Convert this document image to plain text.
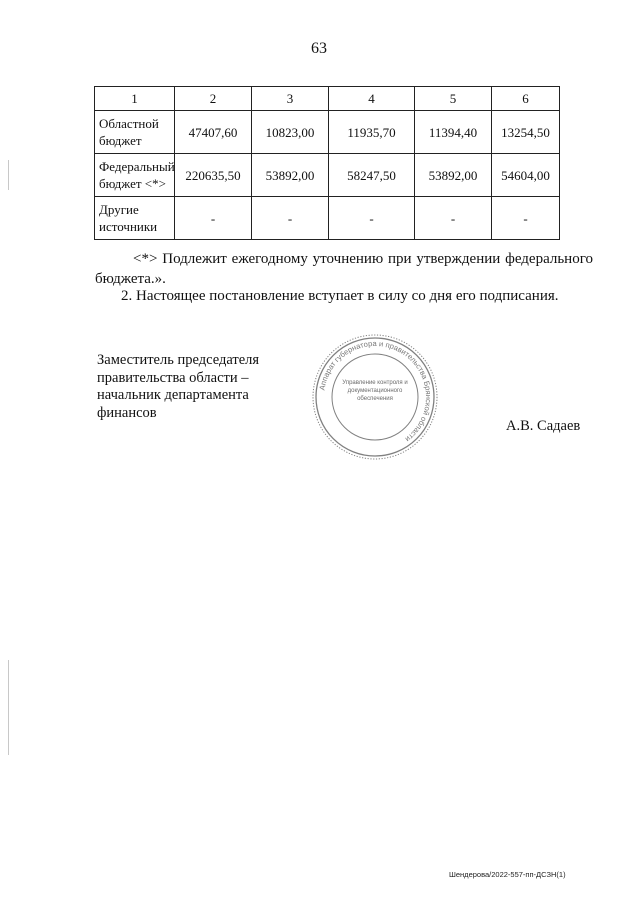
63
1	2	3	4	5	6
Областной бюджет	47407,60	10823,00	11935,70	11394,40	13254,50
Федеральный бюджет <*>	220635,50	53892,00	58247,50	53892,00	54604,00
Другие источники	-	-	-	-	-
<*> Подлежит ежегодному уточнению при утверждении федерального бюджета.».
2. Настоящее постановление вступает в силу со дня его подписания.
Заместитель председателя правительства области – начальник департамента финансов
Аппарат губернатора и правительства Брянской области
Управление контроля и документационного обеспечения
А.В. Садаев
Шендерова/2022-557-пп-ДСЗН(1)
